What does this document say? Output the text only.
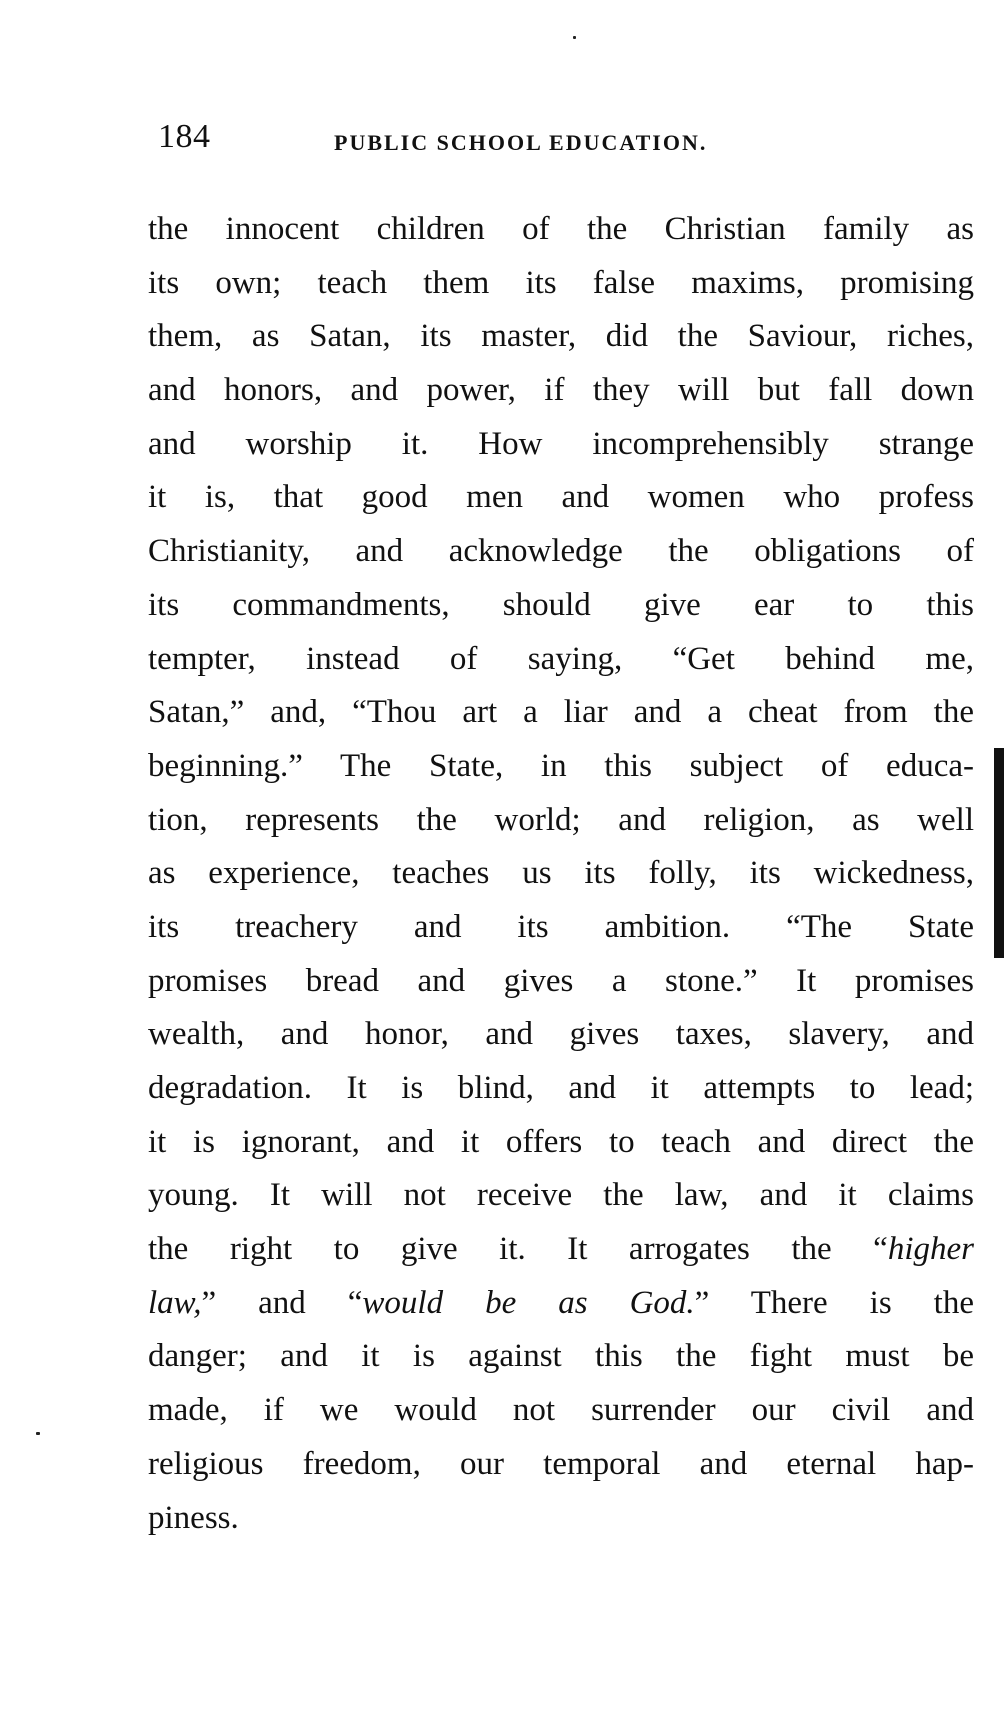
184	PUBLIC SCHOOL EDUCATION.
the innocent children of the Christian family as
its own; teach them its false maxims, promising
them, as Satan, its master, did the Saviour, riches,
and honors, and power, if they will but fall down
and worship it. How incomprehensibly strange
it is, that good men and women who profess
Christianity, and acknowledge the obligations of
its commandments, should give ear to this
tempter, instead of saying, “Get behind me,
Satan,” and, “Thou art a liar and a cheat from the
beginning.” The State, in this subject of educa-
tion, represents the world; and religion, as well
as experience, teaches us its folly, its wickedness,
its treachery and its ambition. “The State
promises bread and gives a stone.” It promises
wealth, and honor, and gives taxes, slavery, and
degradation. It is blind, and it attempts to lead;
it is ignorant, and it offers to teach and direct the
young. It will not receive the law, and it claims
the right to give it. It arrogates the “higher
law,” and “would be as God.” There is the
danger; and it is against this the fight must be
made, if we would not surrender our civil and
religious freedom, our temporal and eternal hap-
piness.
